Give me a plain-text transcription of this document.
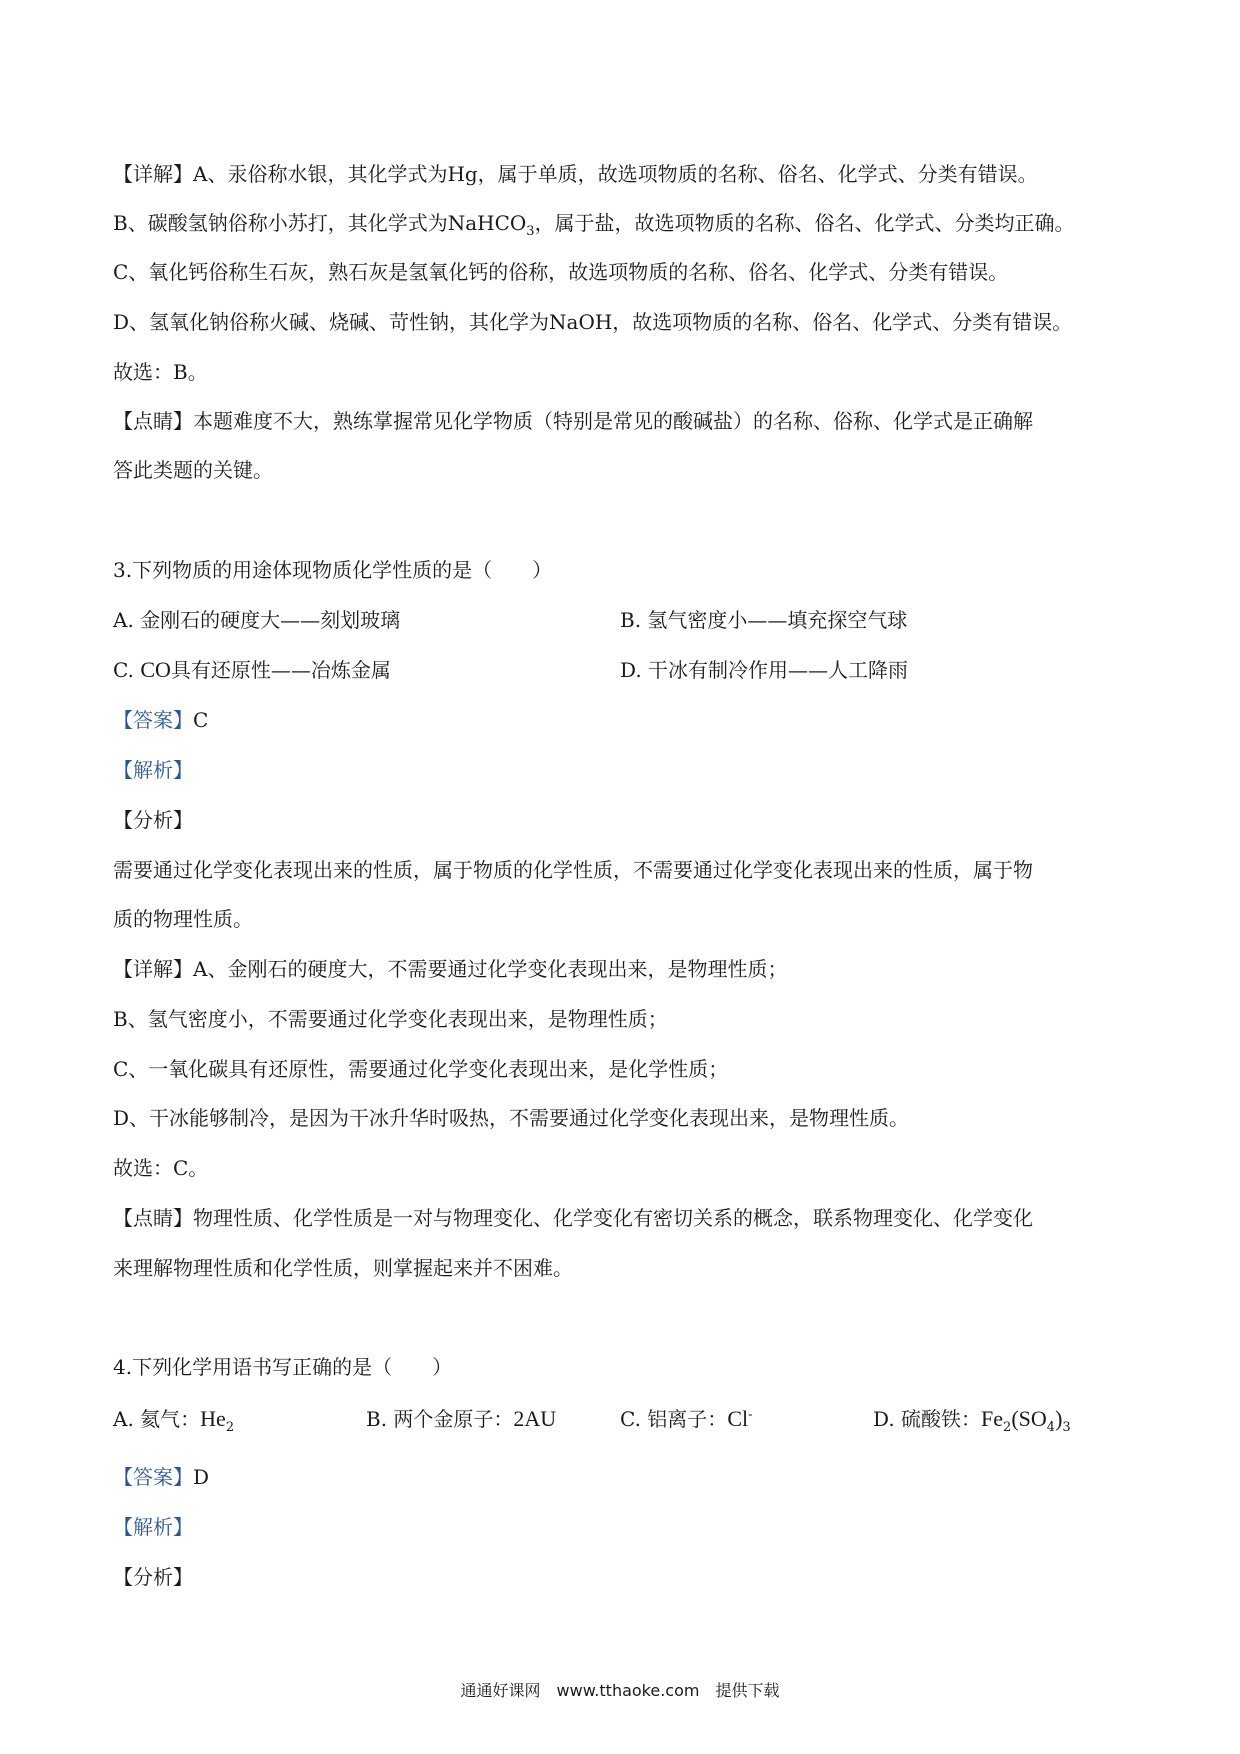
【详解】A、汞俗称水银，其化学式为Hg，属于单质，故选项物质的名称、俗名、化学式、分类有错误。
B、碳酸氢钠俗称小苏打，其化学式为NaHCO$_3$，属于盐，故选项物质的名称、俗名、化学式、分类均正确。
C、氧化钙俗称生石灰，熟石灰是氢氧化钙的俗称，故选项物质的名称、俗名、化学式、分类有错误。
D、氢氧化钠俗称火碱、烧碱、苛性钠，其化学为NaOH，故选项物质的名称、俗名、化学式、分类有错误。
故选：B。
【点睛】本题难度不大，熟练掌握常见化学物质（特别是常见的酸碱盐）的名称、俗称、化学式是正确解
答此类题的关键。
3.下列物质的用途体现物质化学性质的是（　　）
A. 金刚石的硬度大——刻划玻璃	B. 氢气密度小——填充探空气球
C. CO具有还原性——冶炼金属	D. 干冰有制冷作用——人工降雨
【答案】C
【解析】
【分析】
需要通过化学变化表现出来的性质，属于物质的化学性质，不需要通过化学变化表现出来的性质，属于物
质的物理性质。
【详解】A、金刚石的硬度大，不需要通过化学变化表现出来，是物理性质；
B、氢气密度小，不需要通过化学变化表现出来，是物理性质；
C、一氧化碳具有还原性，需要通过化学变化表现出来，是化学性质；
D、干冰能够制冷，是因为干冰升华时吸热，不需要通过化学变化表现出来，是物理性质。
故选：C。
【点睛】物理性质、化学性质是一对与物理变化、化学变化有密切关系的概念，联系物理变化、化学变化
来理解物理性质和化学性质，则掌握起来并不困难。
4.下列化学用语书写正确的是（　　）
A. 氦气：$He_2$	B. 两个金原子：2AU	C. 铝离子：Cl-	D. 硫酸铁：$Fe_2(SO_4)_3$
【答案】D
【解析】
【分析】
通通好课网　www.tthaoke.com　提供下载
